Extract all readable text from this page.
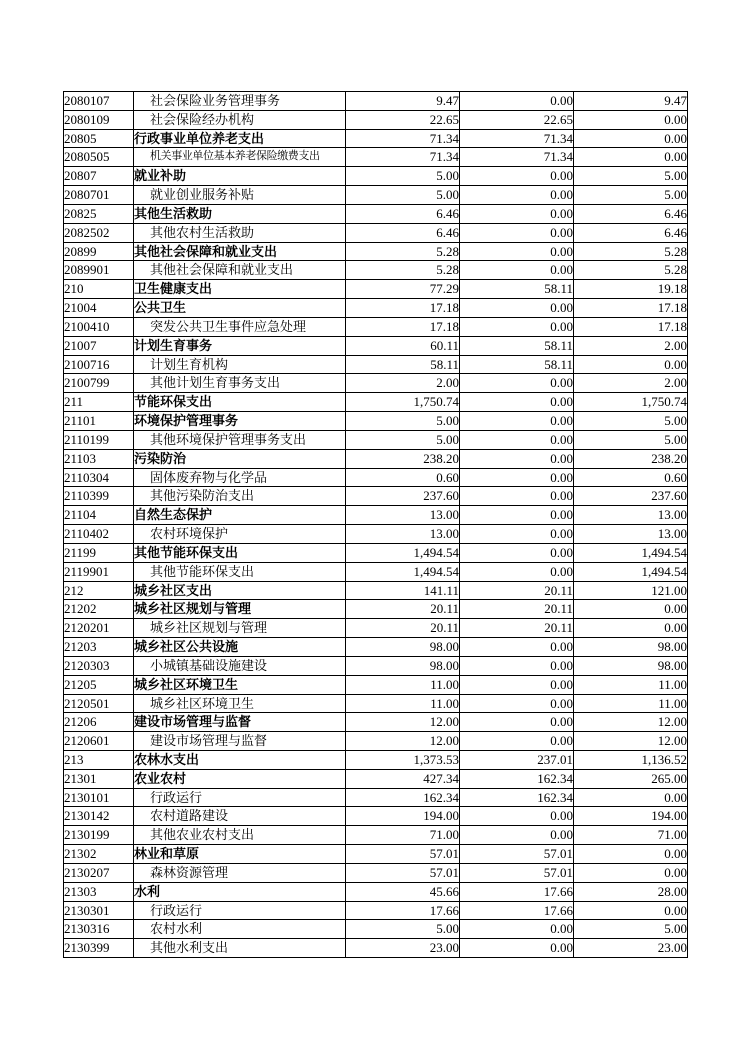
2080107	社会保险业务管理事务	9.47	0.00	9.47
2080109	社会保险经办机构	22.65	22.65	0.00
20805	行政事业单位养老支出	71.34	71.34	0.00
2080505	机关事业单位基本养老保险缴费支出	71.34	71.34	0.00
20807	就业补助	5.00	0.00	5.00
2080701	就业创业服务补贴	5.00	0.00	5.00
20825	其他生活救助	6.46	0.00	6.46
2082502	其他农村生活救助	6.46	0.00	6.46
20899	其他社会保障和就业支出	5.28	0.00	5.28
2089901	其他社会保障和就业支出	5.28	0.00	5.28
210	卫生健康支出	77.29	58.11	19.18
21004	公共卫生	17.18	0.00	17.18
2100410	突发公共卫生事件应急处理	17.18	0.00	17.18
21007	计划生育事务	60.11	58.11	2.00
2100716	计划生育机构	58.11	58.11	0.00
2100799	其他计划生育事务支出	2.00	0.00	2.00
211	节能环保支出	1,750.74	0.00	1,750.74
21101	环境保护管理事务	5.00	0.00	5.00
2110199	其他环境保护管理事务支出	5.00	0.00	5.00
21103	污染防治	238.20	0.00	238.20
2110304	固体废弃物与化学品	0.60	0.00	0.60
2110399	其他污染防治支出	237.60	0.00	237.60
21104	自然生态保护	13.00	0.00	13.00
2110402	农村环境保护	13.00	0.00	13.00
21199	其他节能环保支出	1,494.54	0.00	1,494.54
2119901	其他节能环保支出	1,494.54	0.00	1,494.54
212	城乡社区支出	141.11	20.11	121.00
21202	城乡社区规划与管理	20.11	20.11	0.00
2120201	城乡社区规划与管理	20.11	20.11	0.00
21203	城乡社区公共设施	98.00	0.00	98.00
2120303	小城镇基础设施建设	98.00	0.00	98.00
21205	城乡社区环境卫生	11.00	0.00	11.00
2120501	城乡社区环境卫生	11.00	0.00	11.00
21206	建设市场管理与监督	12.00	0.00	12.00
2120601	建设市场管理与监督	12.00	0.00	12.00
213	农林水支出	1,373.53	237.01	1,136.52
21301	农业农村	427.34	162.34	265.00
2130101	行政运行	162.34	162.34	0.00
2130142	农村道路建设	194.00	0.00	194.00
2130199	其他农业农村支出	71.00	0.00	71.00
21302	林业和草原	57.01	57.01	0.00
2130207	森林资源管理	57.01	57.01	0.00
21303	水利	45.66	17.66	28.00
2130301	行政运行	17.66	17.66	0.00
2130316	农村水利	5.00	0.00	5.00
2130399	其他水利支出	23.00	0.00	23.00
